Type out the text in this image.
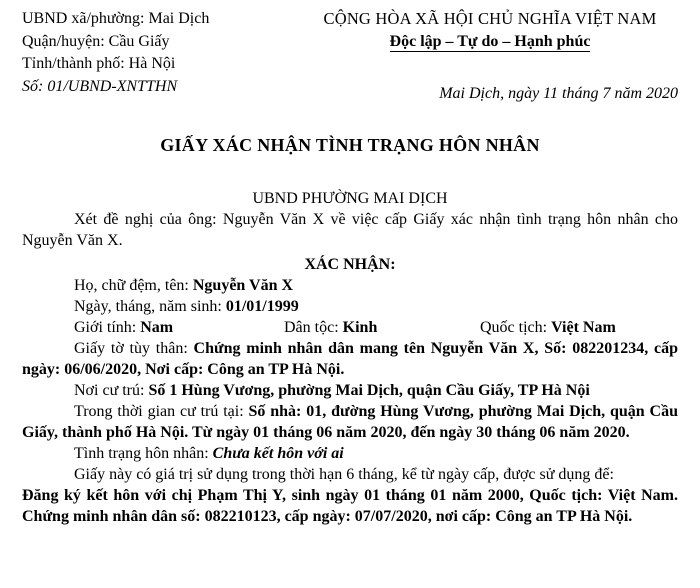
UBND xã/phường: Mai Dịch
Quận/huyện: Cầu Giấy
Tỉnh/thành phố: Hà Nội
Số: 01/UBND-XNTTHN
CỘNG HÒA XÃ HỘI CHỦ NGHĨA VIỆT NAM
Độc lập – Tự do – Hạnh phúc
Mai Dịch, ngày 11 tháng 7 năm 2020
GIẤY XÁC NHẬN TÌNH TRẠNG HÔN NHÂN

UBND PHƯỜNG MAI DỊCH

Xét đề nghị của ông: Nguyễn Văn X về việc cấp Giấy xác nhận tình trạng hôn nhân cho Nguyễn Văn X.

XÁC NHẬN:

Họ, chữ đệm, tên: Nguyễn Văn X

Ngày, tháng, năm sinh: 01/01/1999

Giới tính: Nam	Dân tộc: Kinh	Quốc tịch: Việt Nam

Giấy tờ tùy thân: Chứng minh nhân dân mang tên Nguyễn Văn X, Số: 082201234, cấp ngày: 06/06/2020, Nơi cấp: Công an TP Hà Nội.

Nơi cư trú: Số 1 Hùng Vương, phường Mai Dịch, quận Cầu Giấy, TP Hà Nội

Trong thời gian cư trú tại: Số nhà: 01, đường Hùng Vương, phường Mai Dịch, quận Cầu Giấy, thành phố Hà Nội. Từ ngày 01 tháng 06 năm 2020, đến ngày 30 tháng 06 năm 2020.

Tình trạng hôn nhân: Chưa kết hôn với ai

Giấy này có giá trị sử dụng trong thời hạn 6 tháng, kể từ ngày cấp, được sử dụng để:

Đăng ký kết hôn với chị Phạm Thị Y, sinh ngày 01 tháng 01 năm 2000, Quốc tịch: Việt Nam. Chứng minh nhân dân số: 082210123, cấp ngày: 07/07/2020, nơi cấp: Công an TP Hà Nội.
